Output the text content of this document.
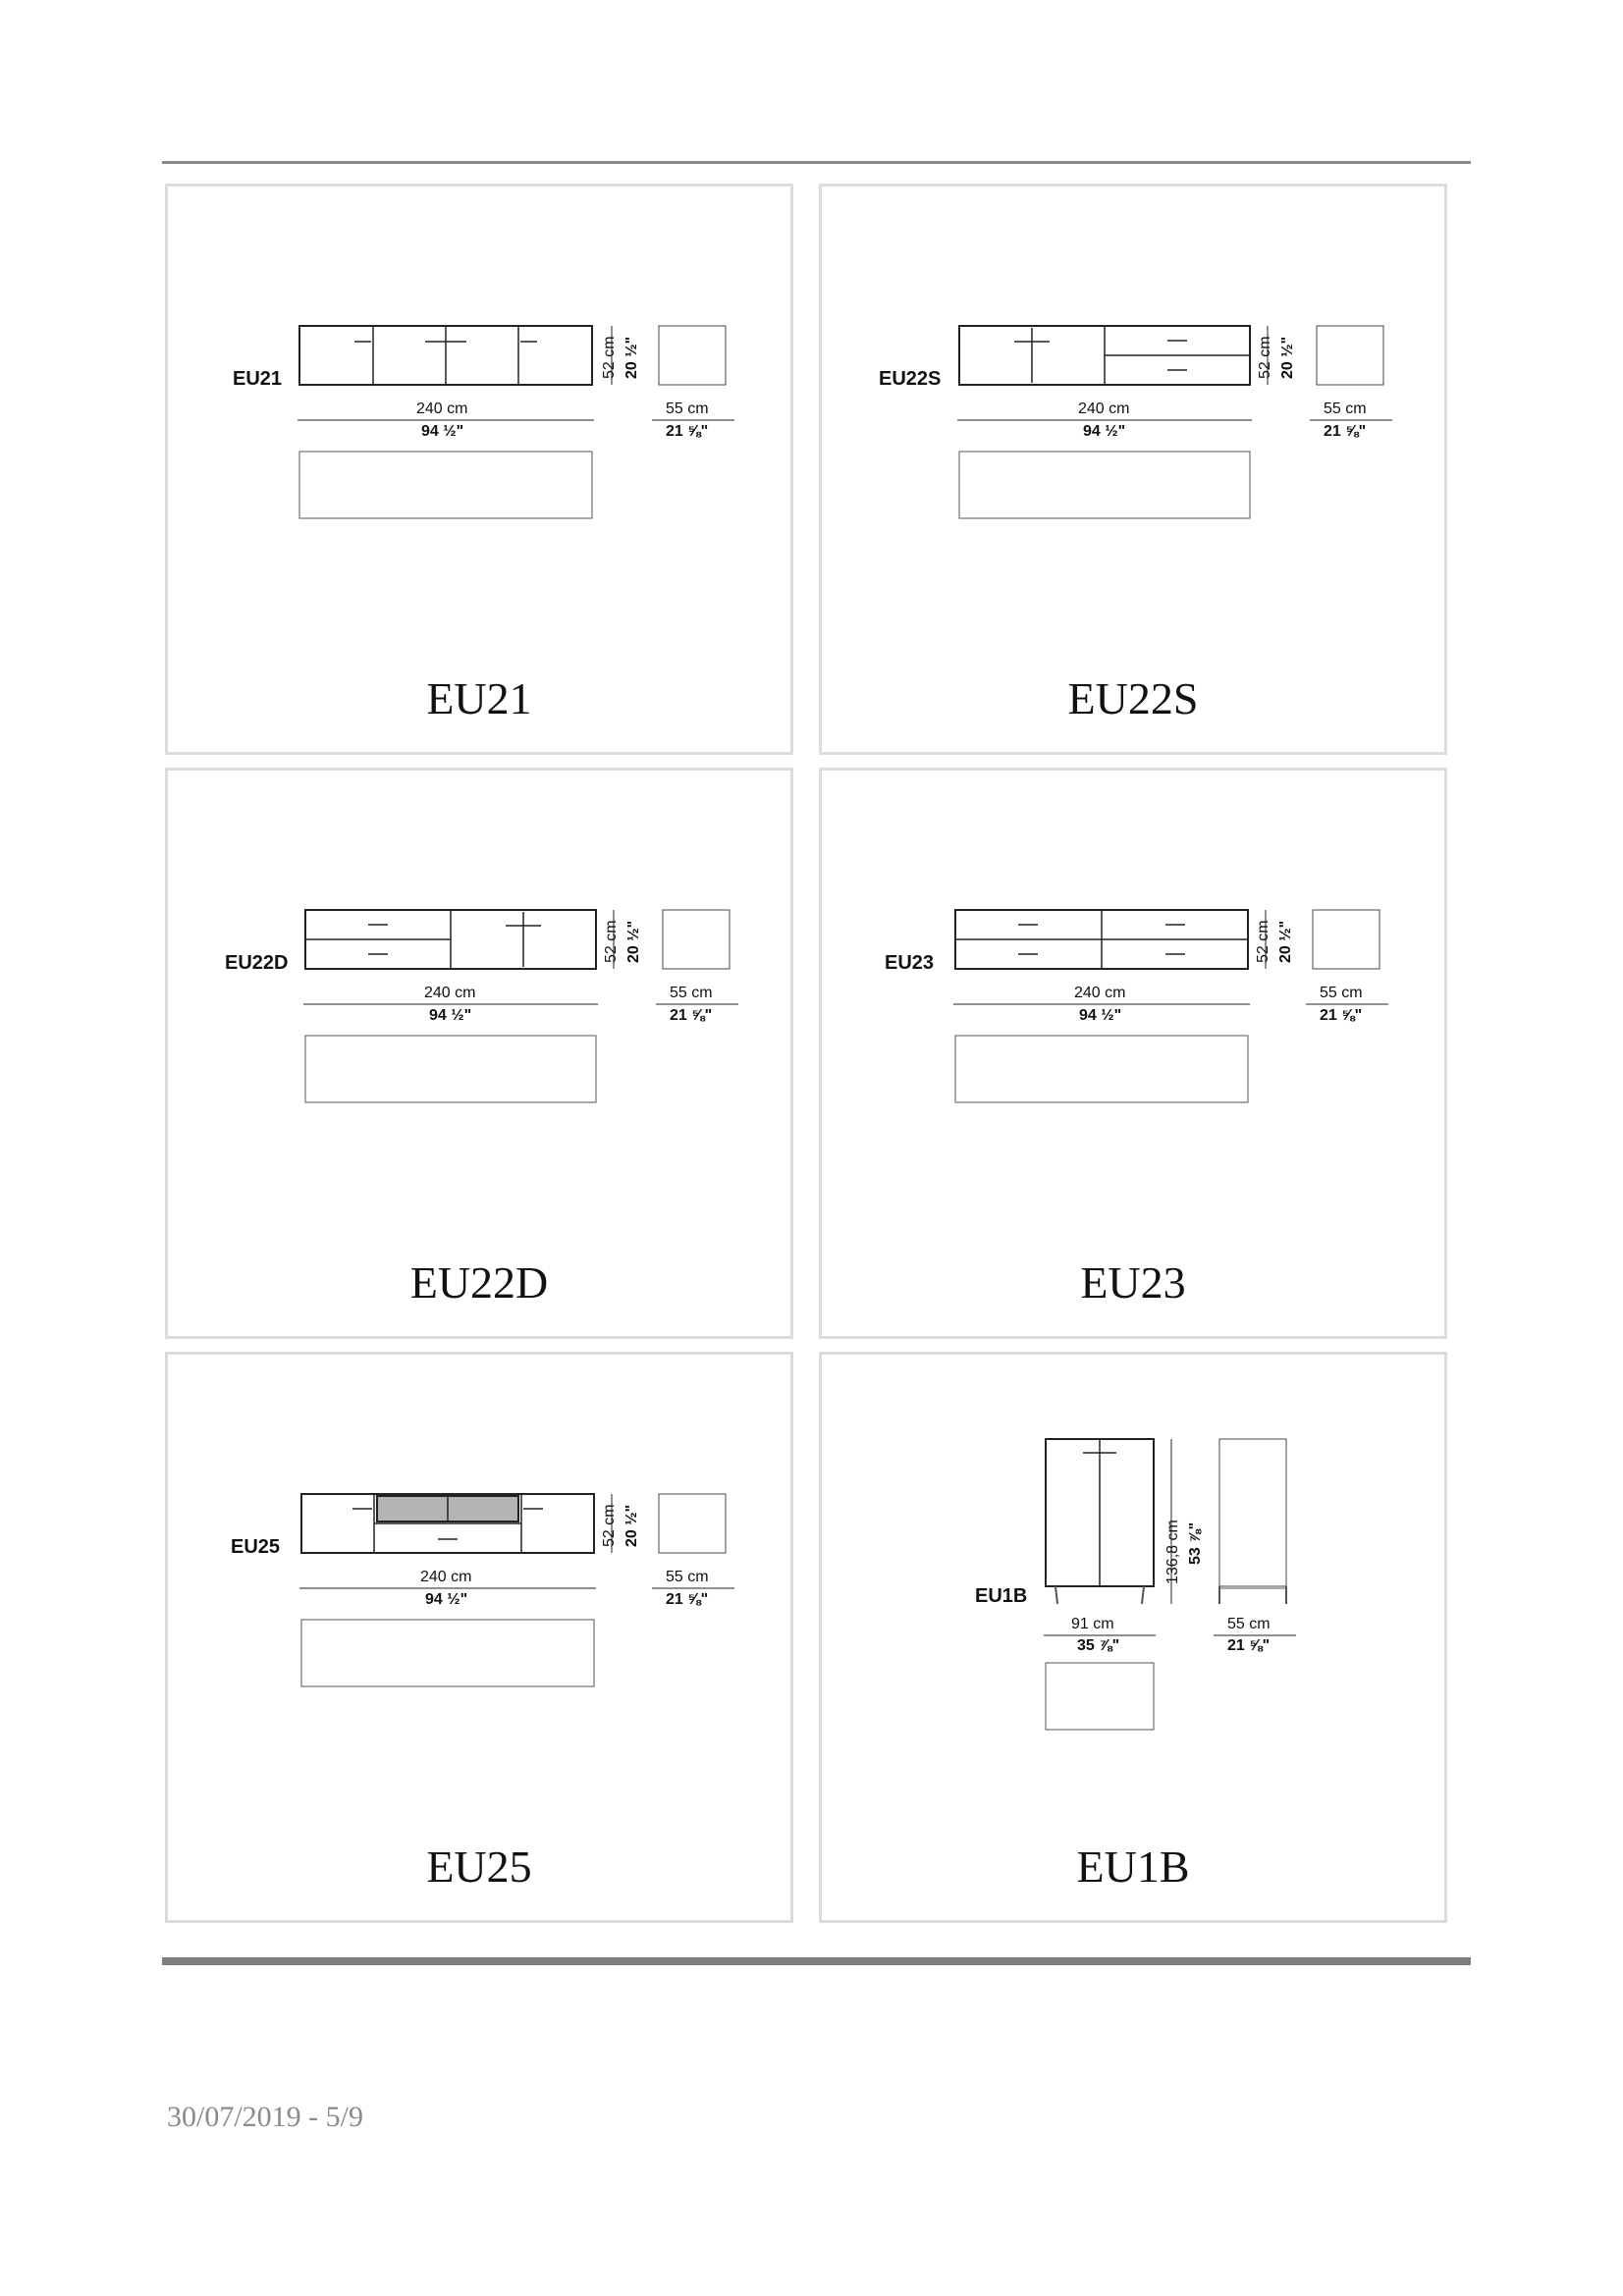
EU21	52 cm 20 ½"
240 cm
94 ½"
55 cm
21 ⅝"
EU21
EU22S	52 cm 20 ½"
240 cm
94 ½"
55 cm
21 ⅝"
EU22S
EU22D	52 cm 20 ½"
240 cm
94 ½"
55 cm
21 ⅝"
EU22D
EU23	52 cm 20 ½"
240 cm
94 ½"
55 cm
21 ⅝"
EU23
EU25	52 cm 20 ½"
240 cm
94 ½"
55 cm
21 ⅝"
EU25
EU1B
136,8 cm 53 ⅞"
91 cm
35 ⅞"
55 cm
21 ⅝"
EU1B
30/07/2019 - 5/9
